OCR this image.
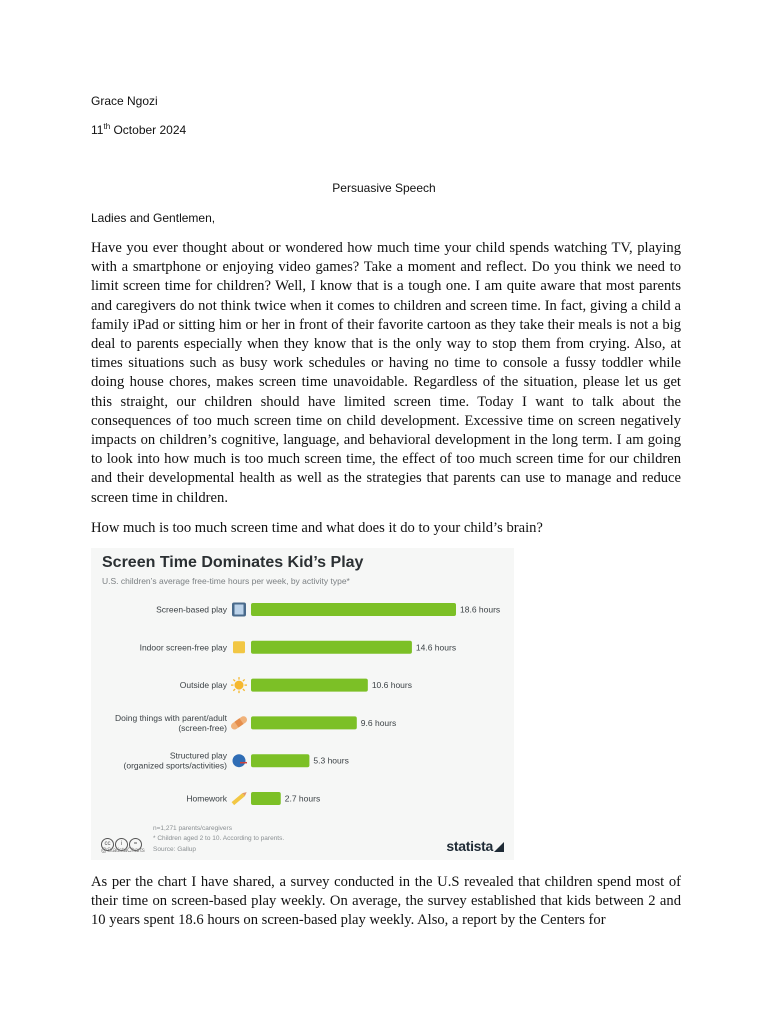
Grace Ngozi
11th October 2024
Persuasive Speech
Ladies and Gentlemen,

Have you ever thought about or wondered how much time your child spends watching TV, playing with a smartphone or enjoying video games? Take a moment and reflect. Do you think we need to limit screen time for children? Well, I know that is a tough one. I am quite aware that most parents and caregivers do not think twice when it comes to children and screen time. In fact, giving a child a family iPad or sitting him or her in front of their favorite cartoon as they take their meals is not a big deal to parents especially when they know that is the only way to stop them from crying. Also, at times situations such as busy work schedules or having no time to console a fussy toddler while doing house chores, makes screen time unavoidable. Regardless of the situation, please let us get this straight, our children should have limited screen time. Today I want to talk about the consequences of too much screen time on child development. Excessive time on screen negatively impacts on children’s cognitive, language, and behavioral development in the long term. I am going to look into how much is too much screen time, the effect of too much screen time for our children and their developmental health as well as the strategies that parents can use to manage and reduce screen time in children.

How much is too much screen time and what does it do to your child’s brain?

Screen Time Dominates Kid’s Play
U.S. children’s average free-time hours per week, by activity type*
Screen-based play	18.6 hours
Indoor screen-free play	14.6 hours
Outside play	10.6 hours
Doing things with parent/adult
(screen-free)	9.6 hours
Structured play
(organized sports/activities)	5.3 hours
Homework	2.7 hours
cc i =
@StatistaCharts
n=1,271 parents/caregivers
* Children aged 2 to 10. According to parents.
Source: Gallup	statista

As per the chart I have shared, a survey conducted in the U.S revealed that children spend most of their time on screen-based play weekly. On average, the survey established that kids between 2 and 10 years spent 18.6 hours on screen-based play weekly. Also, a report by the Centers for
